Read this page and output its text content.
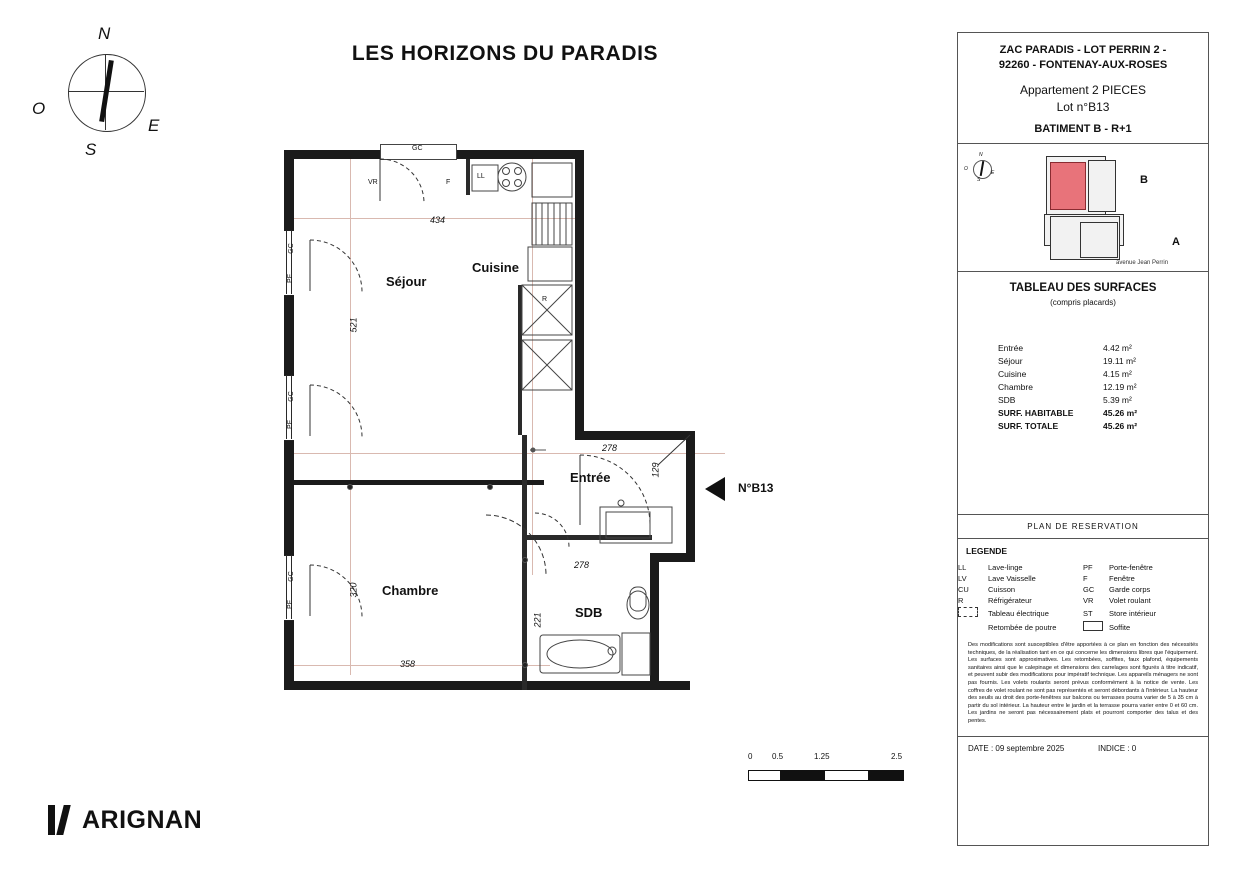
LES HORIZONS DU PARADIS
N
S
O
E
Séjour
Cuisine
Entrée
Chambre
SDB
434
521
320
358
278
129
278
221
GC
VR	F
LL
R
GC
GC
GC
PF
PF
PF
N°B13
ZAC PARADIS - LOT PERRIN 2 -
92260 - FONTENAY-AUX-ROSES
Appartement 2 PIECES
Lot n°B13
BATIMENT B - R+1
N
S
O
E
B
A
avenue Jean Perrin
TABLEAU DES SURFACES
(compris placards)
	Entrée	4.42 m²
	Séjour	19.11 m²
	Cuisine	4.15 m²
	Chambre	12.19 m²
	SDB	5.39 m²
	SURF. HABITABLE	45.26 m²
	SURF. TOTALE	45.26 m²
PLAN DE RESERVATION
LEGENDE
LL	Lave-linge	PF	Porte-fenêtre
LV	Lave Vaisselle	F	Fenêtre
CU	Cuisson	GC	Garde corps
R	Réfrigérateur	VR	Volet roulant
	Tableau électrique	ST	Store intérieur
	Retombée de poutre		Soffite
Des modifications sont susceptibles d'être apportées à ce plan en fonction des nécessités techniques, de la réalisation tant en ce qui concerne les dimensions libres que l'équipement. Les surfaces sont approximatives. Les retombées, soffites, faux plafond, équipements sanitaires ainsi que le calepinage et dimensions des carrelages sont figurés à titre indicatif, et peuvent subir des modifications pour impératif technique. Les appareils ménagers ne sont pas fournis. Les volets roulants seront prévus conformément à la notice de vente. Les coffres de volet roulant ne sont pas représentés et seront débordants à l'intérieur. La hauteur des seuils au droit des porte-fenêtres sur balcons ou terrasses pourra varier de 5 à 35 cm à partir du sol intérieur. La hauteur entre le jardin et la terrasse pourra varier entre 0 et 60 cm. Les jardins ne seront pas nécessairement plats et pourront comporter des talus et des pentes.
DATE : 09 septembre 2025	INDICE : 0
0 0.5	1.25	2.5
ARIGNAN
